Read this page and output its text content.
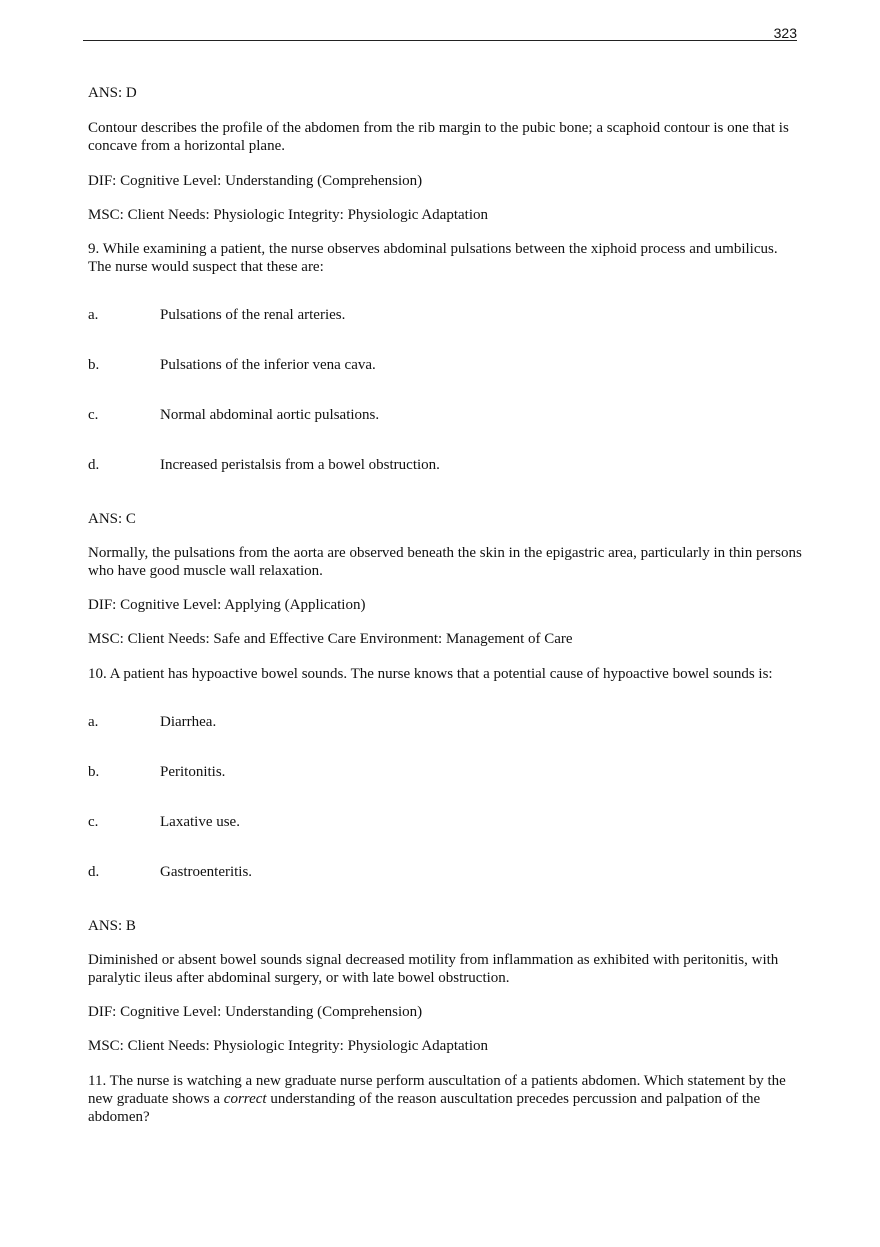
323

ANS: D

Contour describes the profile of the abdomen from the rib margin to the pubic bone; a scaphoid contour is one that is concave from a horizontal plane.

DIF: Cognitive Level: Understanding (Comprehension)

MSC: Client Needs: Physiologic Integrity: Physiologic Adaptation

9. While examining a patient, the nurse observes abdominal pulsations between the xiphoid process and umbilicus. The nurse would suspect that these are:

a.	Pulsations of the renal arteries.
b.	Pulsations of the inferior vena cava.
c.	Normal abdominal aortic pulsations.
d.	Increased peristalsis from a bowel obstruction.

ANS: C

Normally, the pulsations from the aorta are observed beneath the skin in the epigastric area, particularly in thin persons who have good muscle wall relaxation.

DIF: Cognitive Level: Applying (Application)

MSC: Client Needs: Safe and Effective Care Environment: Management of Care

10. A patient has hypoactive bowel sounds. The nurse knows that a potential cause of hypoactive bowel sounds is:

a.	Diarrhea.
b.	Peritonitis.
c.	Laxative use.
d.	Gastroenteritis.

ANS: B

Diminished or absent bowel sounds signal decreased motility from inflammation as exhibited with peritonitis, with paralytic ileus after abdominal surgery, or with late bowel obstruction.

DIF: Cognitive Level: Understanding (Comprehension)

MSC: Client Needs: Physiologic Integrity: Physiologic Adaptation

11. The nurse is watching a new graduate nurse perform auscultation of a patients abdomen. Which statement by the new graduate shows a correct understanding of the reason auscultation precedes percussion and palpation of the abdomen?
